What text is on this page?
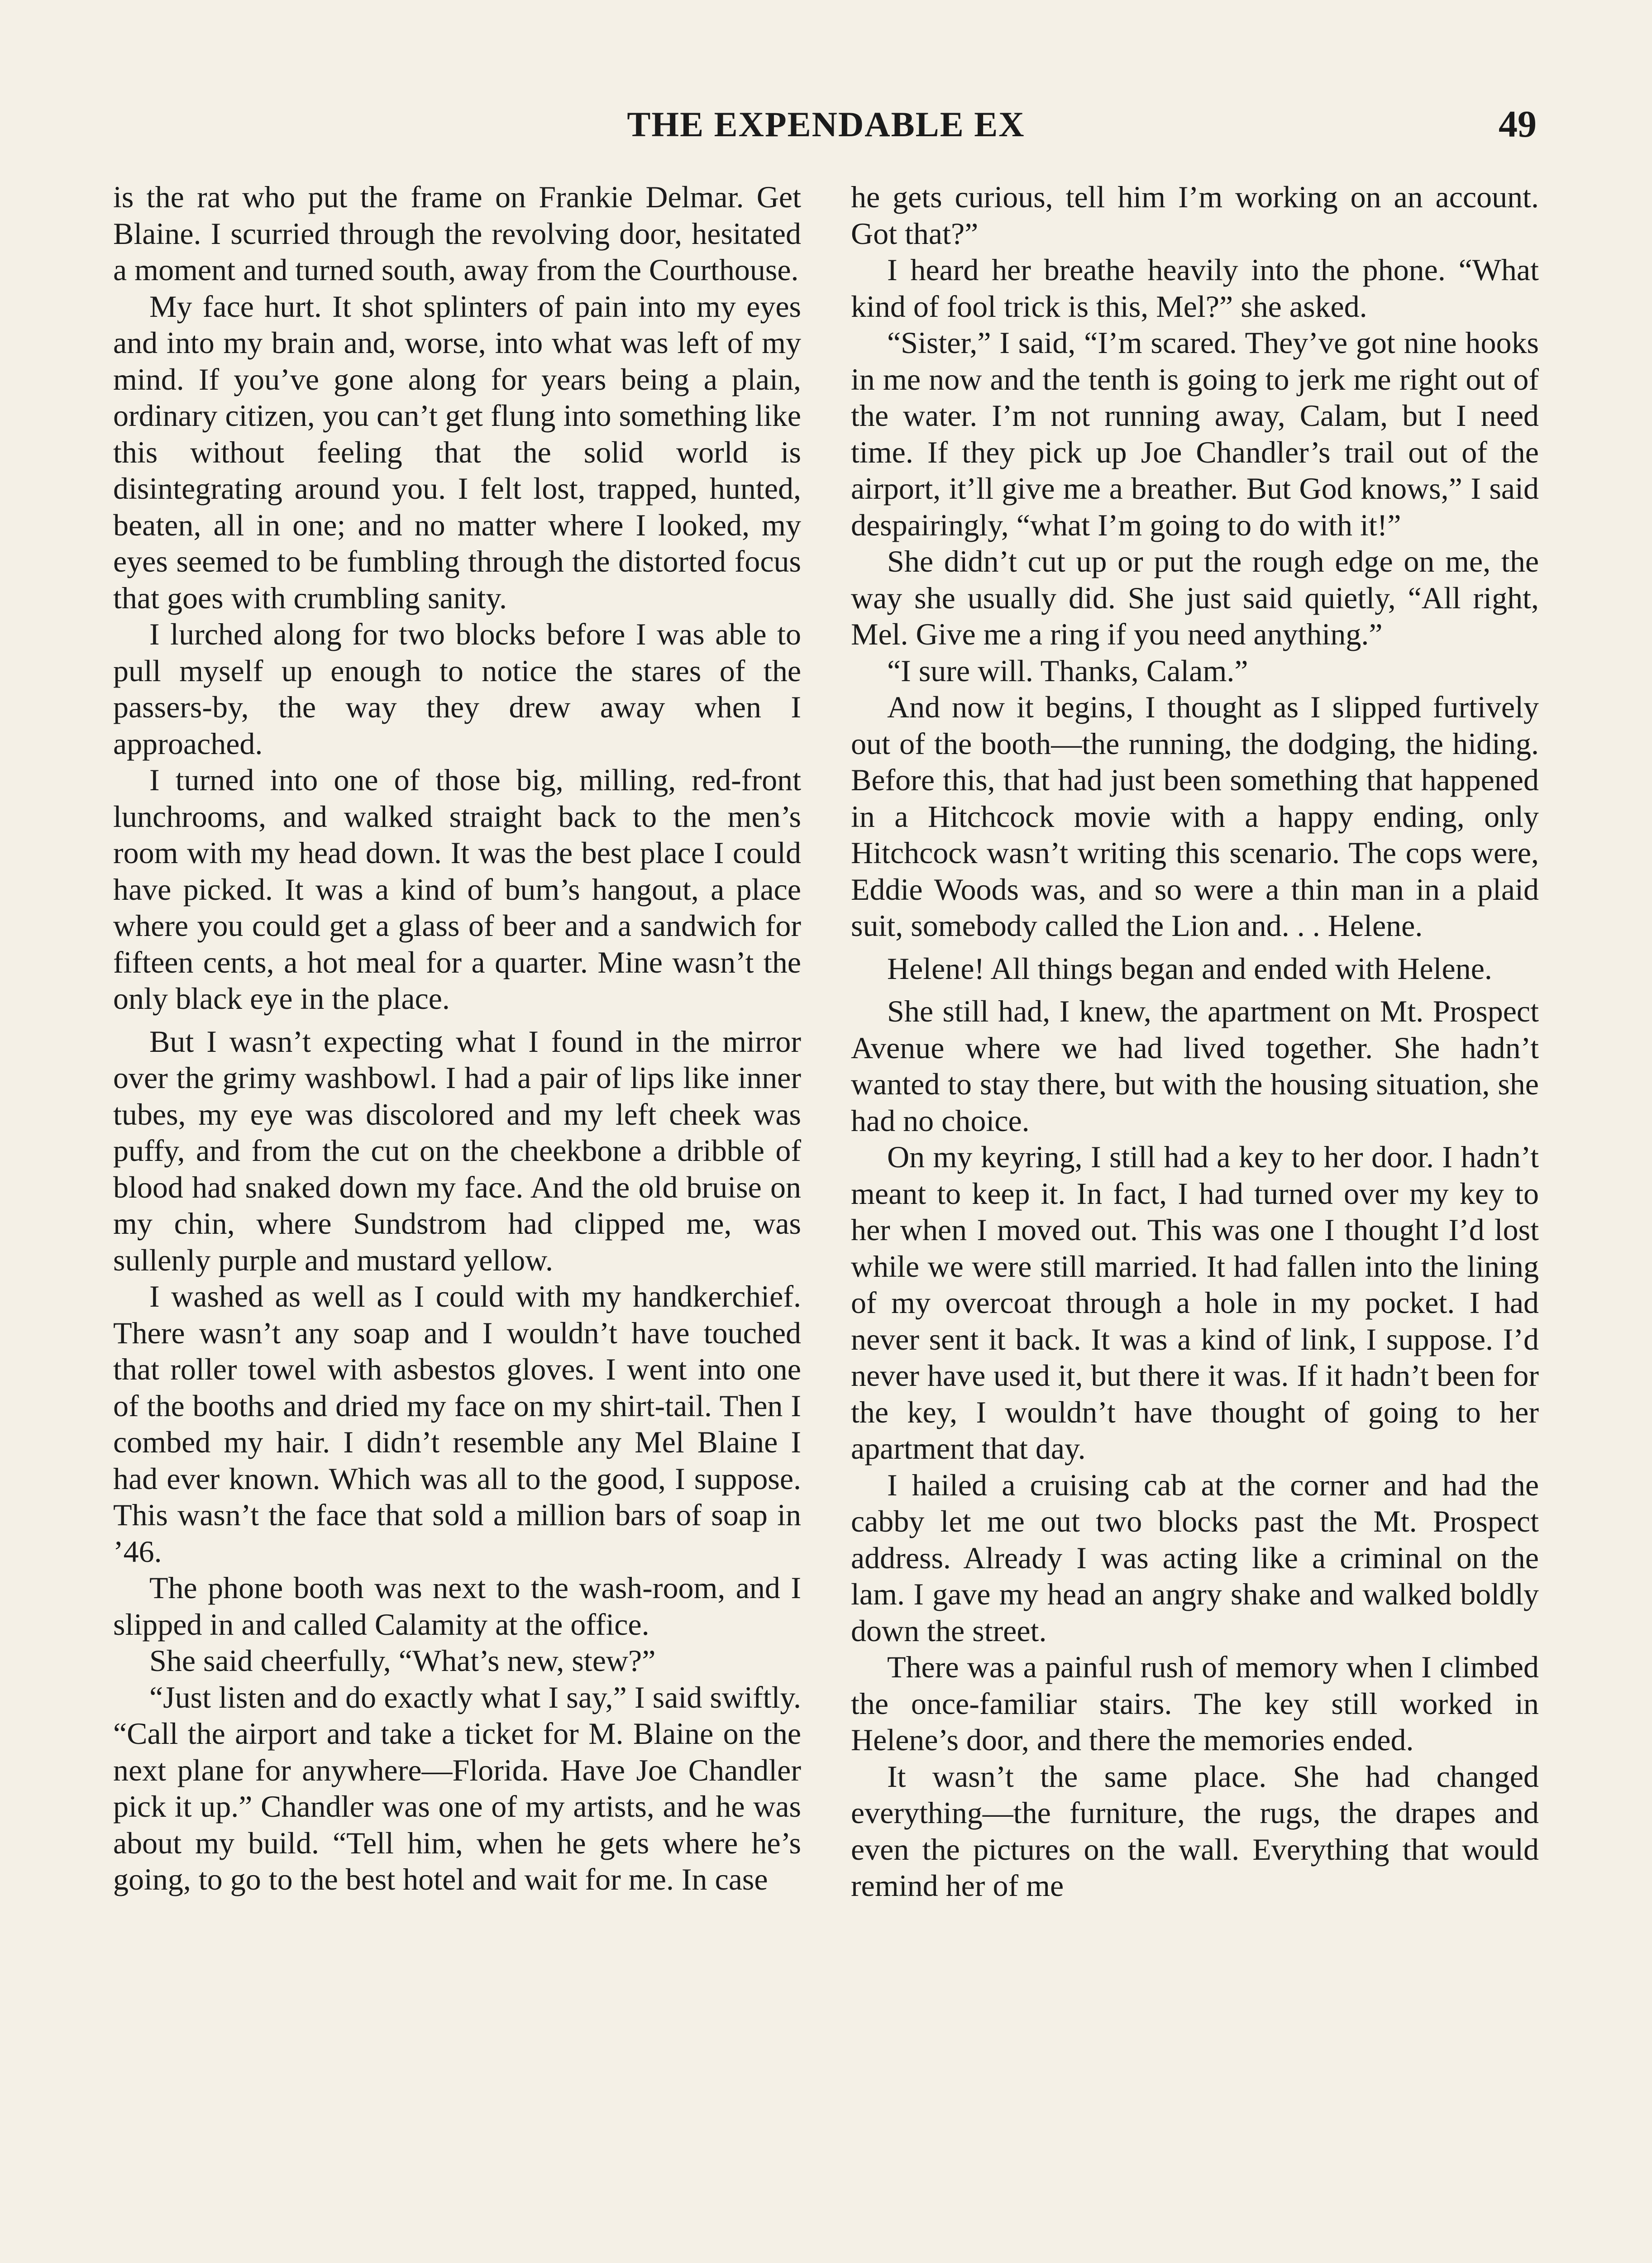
THE EXPENDABLE EX	49

is the rat who put the frame on Frankie Delmar. Get Blaine. I scurried through the revolving door, hesitated a moment and turned south, away from the Courthouse.

My face hurt. It shot splinters of pain into my eyes and into my brain and, worse, into what was left of my mind. If you’ve gone along for years being a plain, ordinary citizen, you can’t get flung into something like this without feeling that the solid world is disintegrating around you. I felt lost, trapped, hunted, beaten, all in one; and no matter where I looked, my eyes seemed to be fumbling through the distorted focus that goes with crumbling sanity.

I lurched along for two blocks before I was able to pull myself up enough to notice the stares of the passers-by, the way they drew away when I approached.

I turned into one of those big, milling, red-front lunchrooms, and walked straight back to the men’s room with my head down. It was the best place I could have picked. It was a kind of bum’s hangout, a place where you could get a glass of beer and a sandwich for fifteen cents, a hot meal for a quarter. Mine wasn’t the only black eye in the place.

But I wasn’t expecting what I found in the mirror over the grimy washbowl. I had a pair of lips like inner tubes, my eye was discolored and my left cheek was puffy, and from the cut on the cheekbone a dribble of blood had snaked down my face. And the old bruise on my chin, where Sundstrom had clipped me, was sullenly purple and mustard yellow.

I washed as well as I could with my handkerchief. There wasn’t any soap and I wouldn’t have touched that roller towel with asbestos gloves. I went into one of the booths and dried my face on my shirt-tail. Then I combed my hair. I didn’t resemble any Mel Blaine I had ever known. Which was all to the good, I suppose. This wasn’t the face that sold a million bars of soap in ’46.

The phone booth was next to the wash-room, and I slipped in and called Calamity at the office.

She said cheerfully, “What’s new, stew?”

“Just listen and do exactly what I say,” I said swiftly. “Call the airport and take a ticket for M. Blaine on the next plane for anywhere—Florida. Have Joe Chandler pick it up.” Chandler was one of my artists, and he was about my build. “Tell him, when he gets where he’s going, to go to the best hotel and wait for me. In case

he gets curious, tell him I’m working on an account. Got that?”

I heard her breathe heavily into the phone. “What kind of fool trick is this, Mel?” she asked.

“Sister,” I said, “I’m scared. They’ve got nine hooks in me now and the tenth is going to jerk me right out of the water. I’m not running away, Calam, but I need time. If they pick up Joe Chandler’s trail out of the airport, it’ll give me a breather. But God knows,” I said despairingly, “what I’m going to do with it!”

She didn’t cut up or put the rough edge on me, the way she usually did. She just said quietly, “All right, Mel. Give me a ring if you need anything.”

“I sure will. Thanks, Calam.”

And now it begins, I thought as I slipped furtively out of the booth—the running, the dodging, the hiding. Before this, that had just been something that happened in a Hitchcock movie with a happy ending, only Hitchcock wasn’t writing this scenario. The cops were, Eddie Woods was, and so were a thin man in a plaid suit, somebody called the Lion and. . . Helene.

Helene! All things began and ended with Helene.

She still had, I knew, the apartment on Mt. Prospect Avenue where we had lived together. She hadn’t wanted to stay there, but with the housing situation, she had no choice.

On my keyring, I still had a key to her door. I hadn’t meant to keep it. In fact, I had turned over my key to her when I moved out. This was one I thought I’d lost while we were still married. It had fallen into the lining of my overcoat through a hole in my pocket. I had never sent it back. It was a kind of link, I suppose. I’d never have used it, but there it was. If it hadn’t been for the key, I wouldn’t have thought of going to her apartment that day.

I hailed a cruising cab at the corner and had the cabby let me out two blocks past the Mt. Prospect address. Already I was acting like a criminal on the lam. I gave my head an angry shake and walked boldly down the street.

There was a painful rush of memory when I climbed the once-familiar stairs. The key still worked in Helene’s door, and there the memories ended.

It wasn’t the same place. She had changed everything—the furniture, the rugs, the drapes and even the pictures on the wall. Everything that would remind her of me
